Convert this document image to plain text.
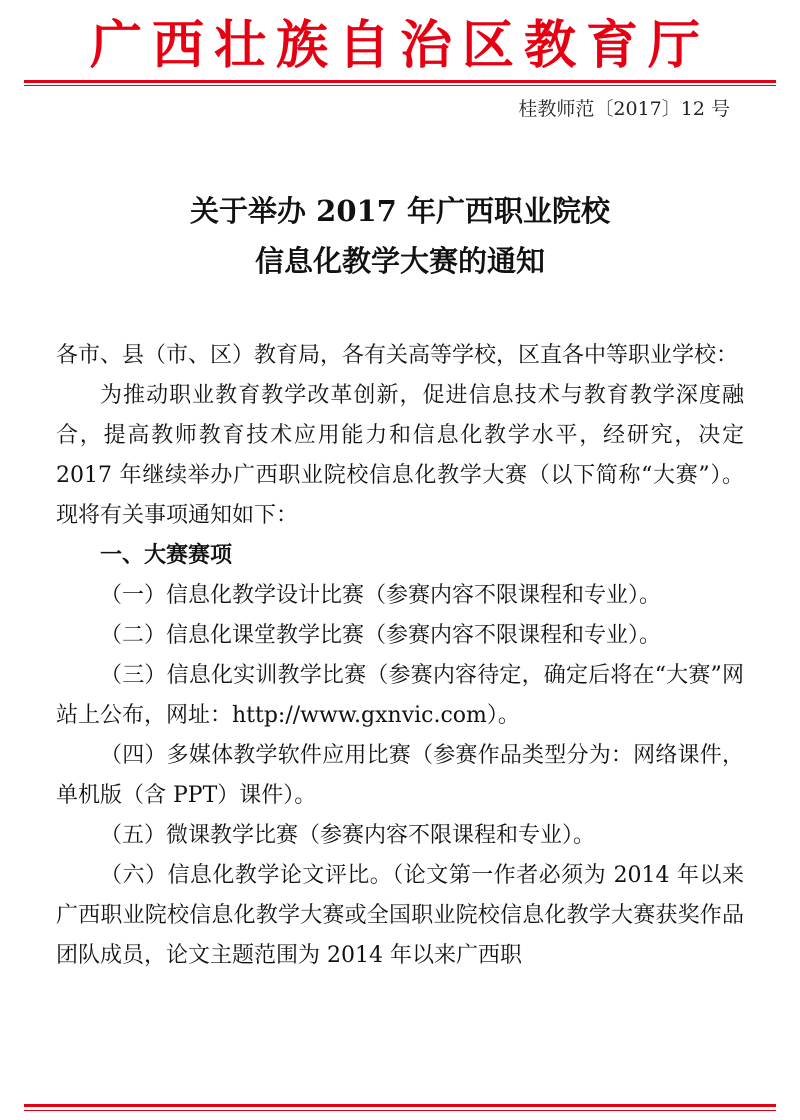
广西壮族自治区教育厅
桂教师范〔2017〕12 号
关于举办 2017 年广西职业院校
信息化教学大赛的通知

各市、县（市、区）教育局，各有关高等学校，区直各中等职业学校：

为推动职业教育教学改革创新，促进信息技术与教育教学深度融合，提高教师教育技术应用能力和信息化教学水平，经研究，决定 2017 年继续举办广西职业院校信息化教学大赛（以下简称“大赛”）。现将有关事项通知如下：

一、大赛赛项

（一）信息化教学设计比赛（参赛内容不限课程和专业）。

（二）信息化课堂教学比赛（参赛内容不限课程和专业）。

（三）信息化实训教学比赛（参赛内容待定，确定后将在“大赛”网站上公布，网址：http://www.gxnvic.com）。

（四）多媒体教学软件应用比赛（参赛作品类型分为：网络课件，单机版（含 PPT）课件）。

（五）微课教学比赛（参赛内容不限课程和专业）。

（六）信息化教学论文评比。（论文第一作者必须为 2014 年以来广西职业院校信息化教学大赛或全国职业院校信息化教学大赛获奖作品团队成员，论文主题范围为 2014 年以来广西职
